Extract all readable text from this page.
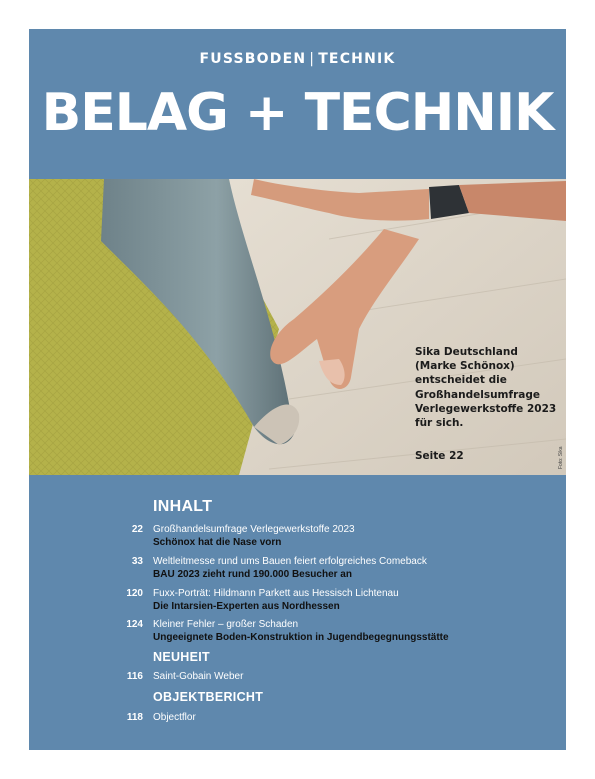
FUSSBODEN | TECHNIK
BELAG + TECHNIK
Sika Deutschland
(Marke Schönox)
entscheidet die
Großhandelsumfrage
Verlegewerkstoffe 2023
für sich.
Seite 22	Foto: Sika
INHALT
22 Großhandelsumfrage Verlegewerkstoffe 2023
Schönox hat die Nase vorn
33 Weltleitmesse rund ums Bauen feiert erfolgreiches Comeback
BAU 2023 zieht rund 190.000 Besucher an
120 Fuxx-Porträt: Hildmann Parkett aus Hessisch Lichtenau
Die Intarsien-Experten aus Nordhessen
124 Kleiner Fehler – großer Schaden
Ungeeignete Boden-Konstruktion in Jugendbegegnungsstätte
NEUHEIT
116 Saint-Gobain Weber
OBJEKTBERICHT
118 Objectflor
